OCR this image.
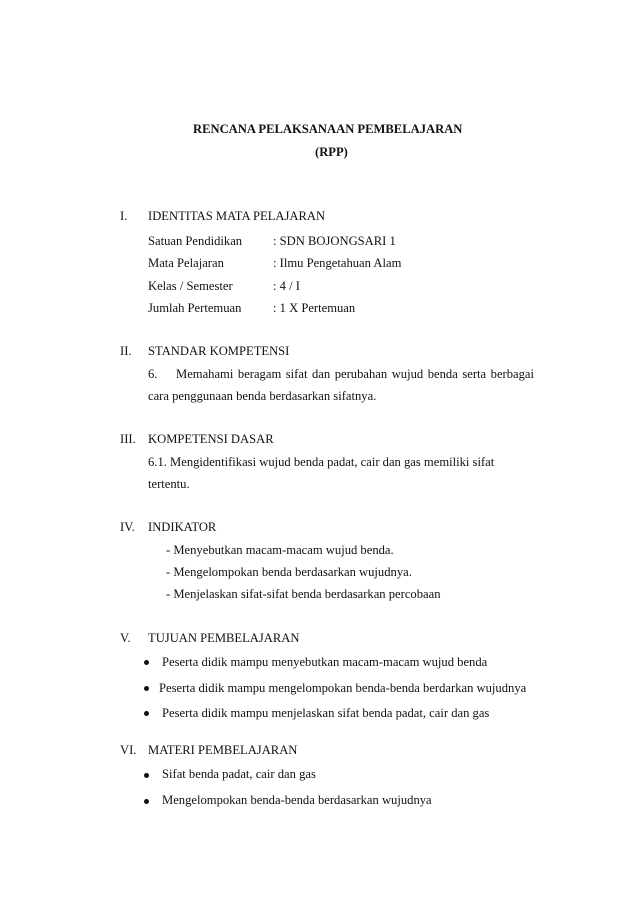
RENCANA PELAKSANAAN PEMBELAJARAN
(RPP)
I. IDENTITAS MATA PELAJARAN
Satuan Pendidikan : SDN BOJONGSARI 1
Mata Pelajaran	: Ilmu Pengetahuan Alam
Kelas / Semester	: 4 / I
Jumlah Pertemuan	: 1 X Pertemuan
II. STANDAR KOMPETENSI
6. Memahami beragam sifat dan perubahan wujud benda serta berbagai
cara penggunaan benda berdasarkan sifatnya.
III. KOMPETENSI DASAR
6.1. Mengidentifikasi wujud benda padat, cair dan gas memiliki sifat
tertentu.
IV. INDIKATOR
- Menyebutkan macam-macam wujud benda.
- Mengelompokan benda berdasarkan wujudnya.
- Menjelaskan sifat-sifat benda berdasarkan percobaan
V. TUJUAN PEMBELAJARAN
Peserta didik mampu menyebutkan macam-macam wujud benda
Peserta didik mampu mengelompokan benda-benda berdarkan wujudnya
Peserta didik mampu menjelaskan sifat benda padat, cair dan gas
VI. MATERI PEMBELAJARAN
Sifat benda padat, cair dan gas
Mengelompokan benda-benda berdasarkan wujudnya
